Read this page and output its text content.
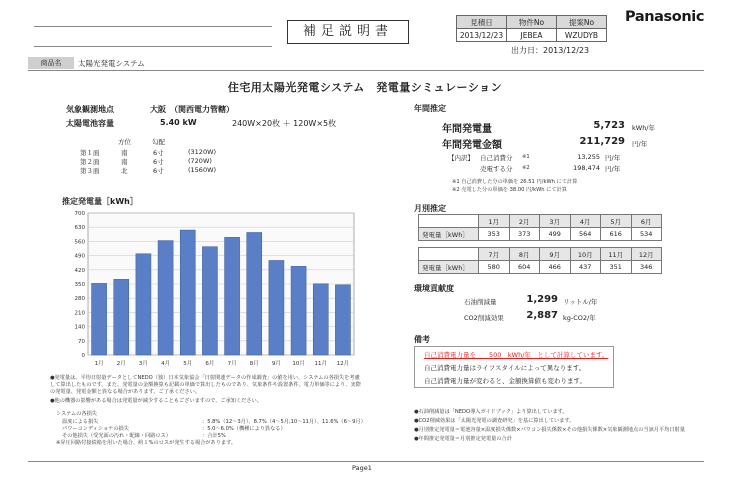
補足説明書
見積日	物件No	提案No
2013/12/23	JEBEA	WZUDYB
Panasonic
出力日：2013/12/23
商品名	太陽光発電システム
住宅用太陽光発電システム　発電量シミュレーション
気象観測地点	大阪　（関西電力管轄）
太陽電池容量	5.40 kW	240W×20枚 ＋ 120W×5枚
方位	勾配
第１面	南	6寸	(3120W)
第２面	南	6寸	(720W)
第３面	北	6寸	(1560W)
推定発電量［kWh］
0
70
140
210
280
350
420
490
560
630
700
1月 2月 3月 4月 5月 6月 7月 8月 9月 10月 11月 12月
●発電量は、平均日射量データとしてNEDO（独）日本気象協会「日射関連データの作成調査」の値を用い、システムの各損失を考慮して算出したものです。また、発電量の金額換算も記載の単価で算出したものであり、気象条件や設置条件、電力単価等により、実際の発電量、発電金額と異なる場合があります。ご了承ください。
●他の機器の影響がある場合は発電量が減少することもございますので、ご承知ください。
システムの各損失
温度による損失	：5.8%（12〜3月）、8.7%（4〜5月,10〜11月）、11.6%（6〜9月）
パワーコンディショナの損失	：5.0〜6.0%（機種により異なる）
その他損失（受光面の汚れ・配線・回路ロス）	：合計5%
※昇圧回路付接続箱を用いた場合、約１%のロスが発生する場合があります。
年間推定
年間発電量	5,723 kWh/年
年間発電金額	211,729 円/年
【内訳】 自己消費分 ※1	13,255 円/年
売電する分 ※2	198,474 円/年
※1 自己消費した分の単価を 26.51 円/kWh にて計算
※2 売電した分の単価を 38.00 円/kWh にて計算
月別推定
	1月	2月	3月	4月	5月	6月
発電量［kWh］	353	373	499	564	616	534
	7月	8月	9月	10月	11月	12月
発電量［kWh］	580	604	466	437	351	346
環境貢献度
石油削減量	1,299 リットル/年
CO2削減効果	2,887 kg-CO2/年
備考
自己消費電力量を　　500　kWh/年　として計算しています。
自己消費電力量はライフスタイルによって異なります。
自己消費電力量が変わると、金額換算値も変わります。
●石油削減量は「NEDO導入ガイドブック」より算出しています。
●CO2削減効果は「太陽光発電の調査研究」を基に算出しています。
●月別推定発電量＝電池容量×温度損失係数×パワコン損失係数×その他損失係数×気象観測地点の当該月平均日射量
●年間推定発電量＝月別推定発電量の合計
Page1
